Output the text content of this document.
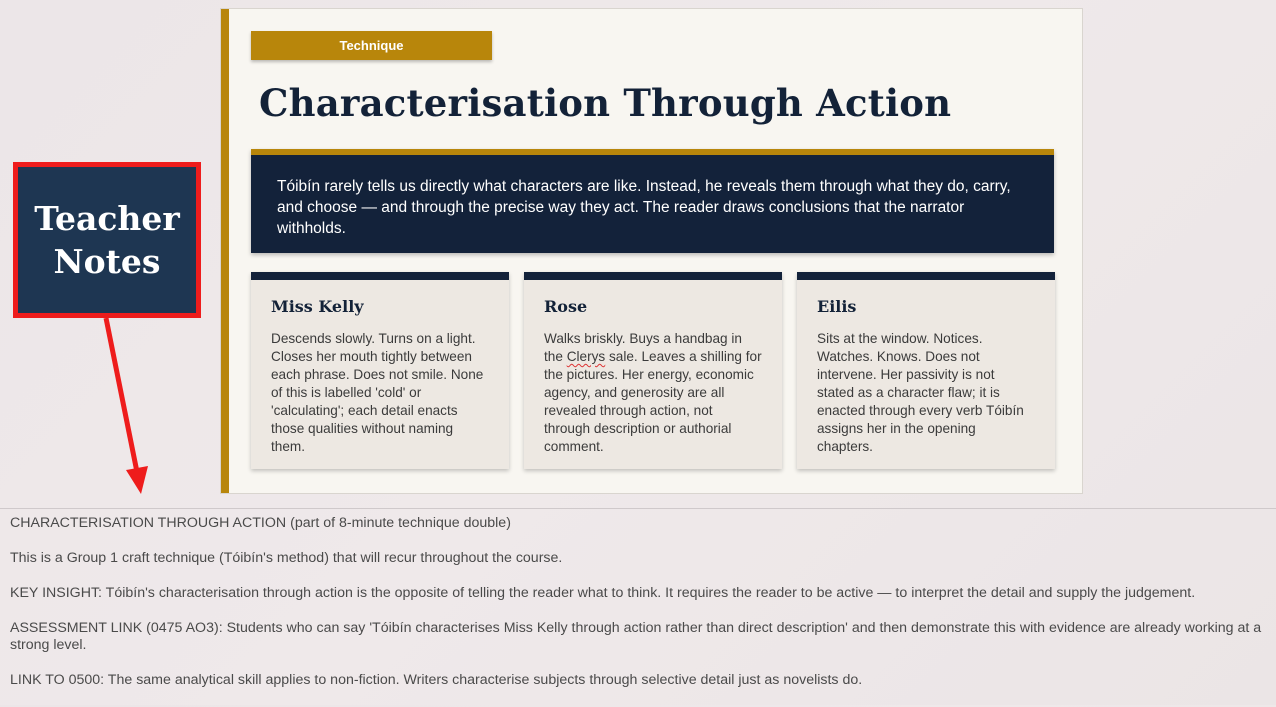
Technique
Characterisation Through Action
Tóibín rarely tells us directly what characters are like. Instead, he reveals them through what they do, carry, and choose — and through the precise way they act. The reader draws conclusions that the narrator withholds.
Miss Kelly

Descends slowly. Turns on a light. Closes her mouth tightly between each phrase. Does not smile. None of this is labelled 'cold' or 'calculating'; each detail enacts those qualities without naming them.

Rose

Walks briskly. Buys a handbag in the Clerys sale. Leaves a shilling for the pictures. Her energy, economic agency, and generosity are all revealed through action, not through description or authorial comment.

Eilis

Sits at the window. Notices. Watches. Knows. Does not intervene. Her passivity is not stated as a character flaw; it is enacted through every verb Tóibín assigns her in the opening chapters.

Teacher
Notes

CHARACTERISATION THROUGH ACTION (part of 8-minute technique double)

This is a Group 1 craft technique (Tóibín's method) that will recur throughout the course.

KEY INSIGHT: Tóibín's characterisation through action is the opposite of telling the reader what to think. It requires the reader to be active — to interpret the detail and supply the judgement.

ASSESSMENT LINK (0475 AO3): Students who can say 'Tóibín characterises Miss Kelly through action rather than direct description' and then demonstrate this with evidence are already working at a strong level.

LINK TO 0500: The same analytical skill applies to non-fiction. Writers characterise subjects through selective detail just as novelists do.
